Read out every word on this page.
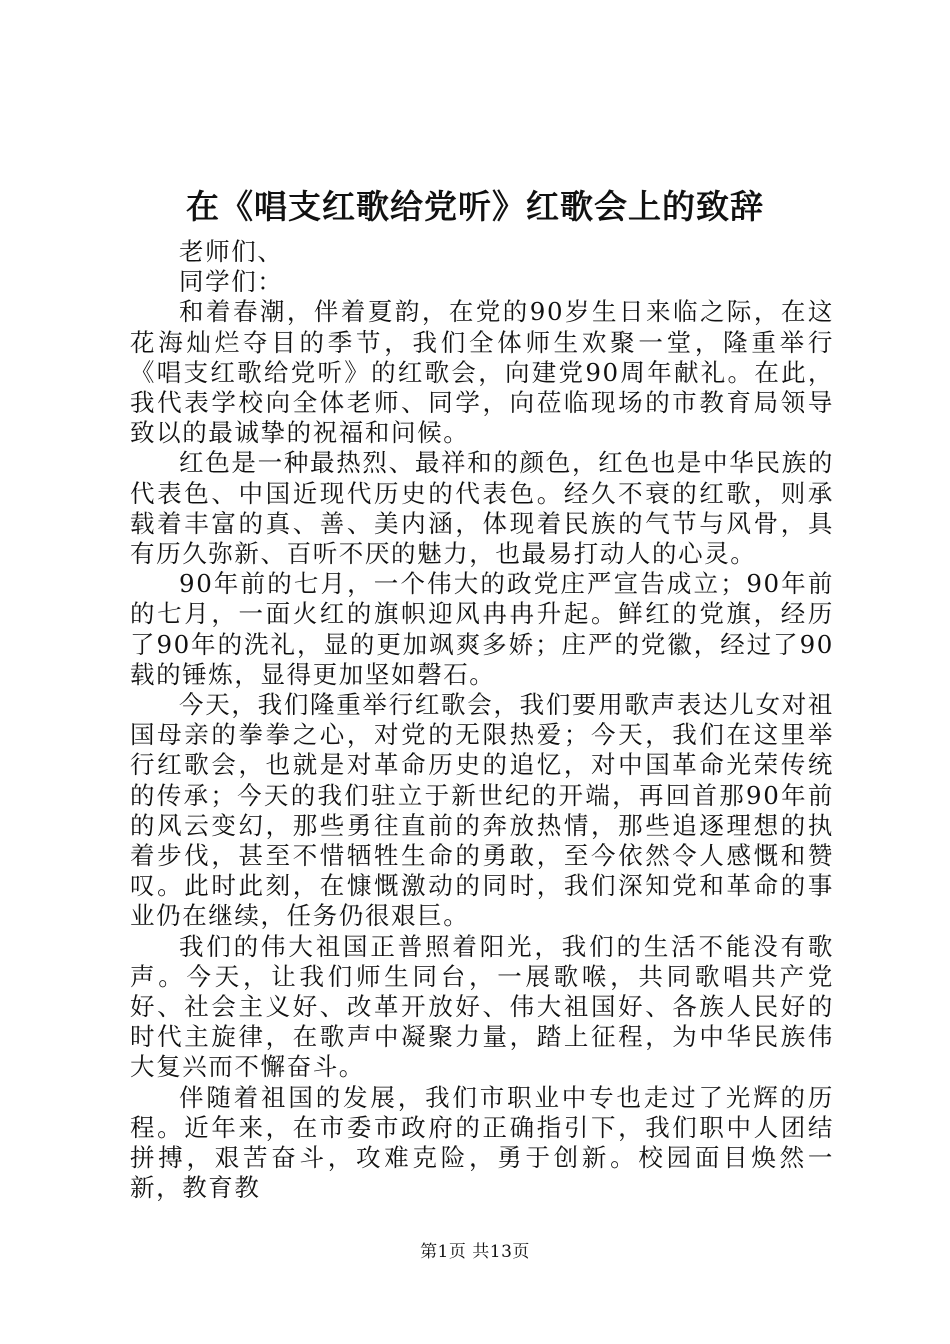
在《唱支红歌给党听》红歌会上的致辞

老师们、

同学们：

和着春潮，伴着夏韵，在党的90岁生日来临之际，在这花海灿烂夺目的季节，我们全体师生欢聚一堂，隆重举行《唱支红歌给党听》的红歌会，向建党90周年献礼。在此，我代表学校向全体老师、同学，向莅临现场的市教育局领导致以的最诚挚的祝福和问候。

红色是一种最热烈、最祥和的颜色，红色也是中华民族的代表色、中国近现代历史的代表色。经久不衰的红歌，则承载着丰富的真、善、美内涵，体现着民族的气节与风骨，具有历久弥新、百听不厌的魅力，也最易打动人的心灵。

90年前的七月，一个伟大的政党庄严宣告成立；90年前的七月，一面火红的旗帜迎风冉冉升起。鲜红的党旗，经历了90年的洗礼，显的更加飒爽多娇；庄严的党徽，经过了90载的锤炼，显得更加坚如磬石。

今天，我们隆重举行红歌会，我们要用歌声表达儿女对祖国母亲的拳拳之心，对党的无限热爱；今天，我们在这里举行红歌会，也就是对革命历史的追忆，对中国革命光荣传统的传承；今天的我们驻立于新世纪的开端，再回首那90年前的风云变幻，那些勇往直前的奔放热情，那些追逐理想的执着步伐，甚至不惜牺牲生命的勇敢，至今依然令人感慨和赞叹。此时此刻，在慷慨激动的同时，我们深知党和革命的事业仍在继续，任务仍很艰巨。

我们的伟大祖国正普照着阳光，我们的生活不能没有歌声。今天，让我们师生同台，一展歌喉，共同歌唱共产党好、社会主义好、改革开放好、伟大祖国好、各族人民好的时代主旋律，在歌声中凝聚力量，踏上征程，为中华民族伟大复兴而不懈奋斗。

伴随着祖国的发展，我们市职业中专也走过了光辉的历程。近年来，在市委市政府的正确指引下，我们职中人团结拼搏，艰苦奋斗，攻难克险，勇于创新。校园面目焕然一新，教育教

第1页 共13页
